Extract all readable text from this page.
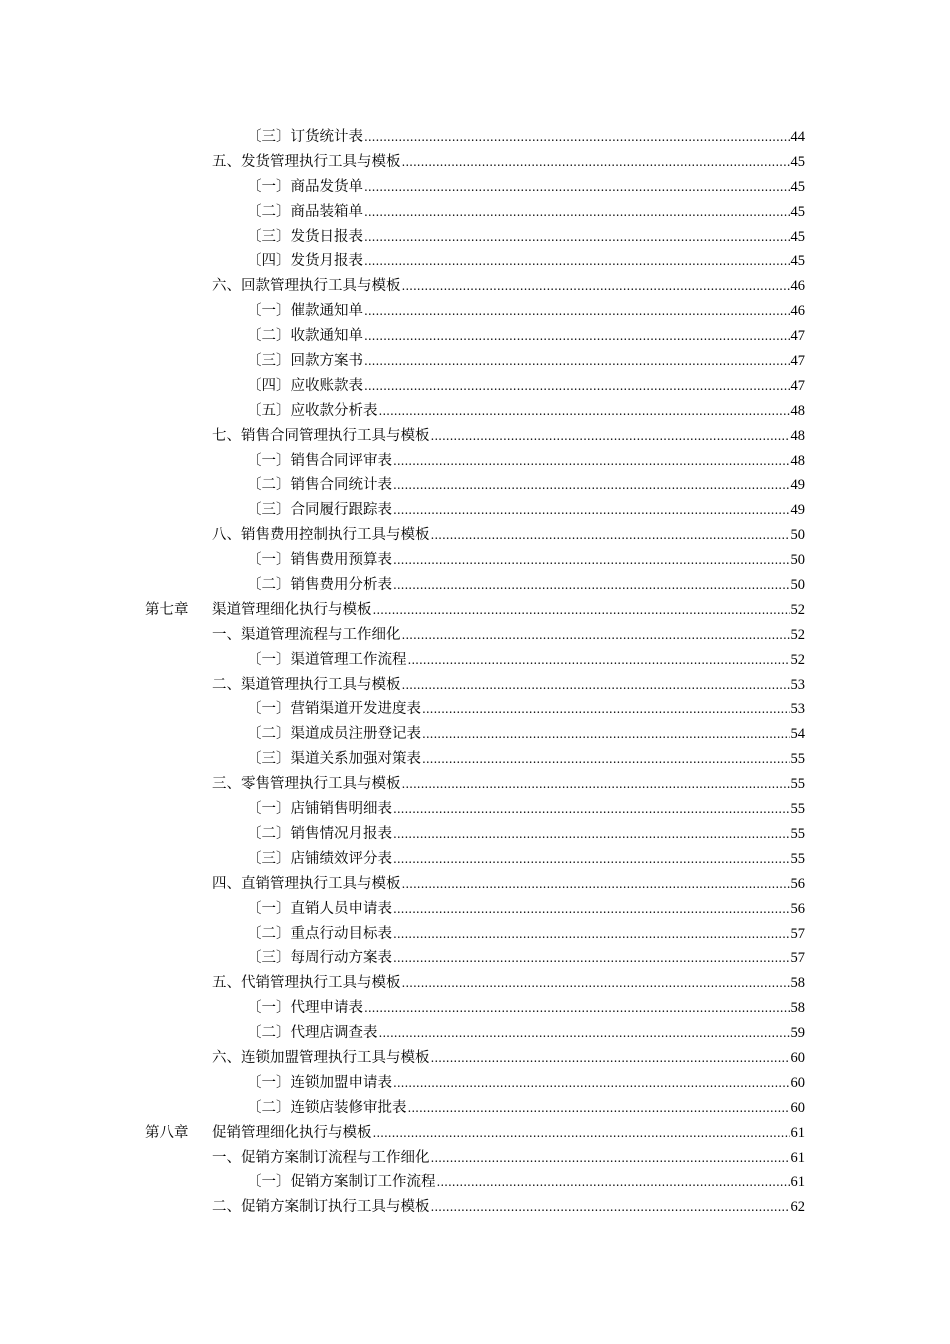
〔三〕订货统计表 .....	44
五、发货管理执行工具与模板 .....	45
〔一〕商品发货单 .....	45
〔二〕商品装箱单 .....	45
〔三〕发货日报表 .....	45
〔四〕发货月报表 .....	45
六、回款管理执行工具与模板 .....	46
〔一〕催款通知单 .....	46
〔二〕收款通知单 .....	47
〔三〕回款方案书 .....	47
〔四〕应收账款表 .....	47
〔五〕应收款分析表 .....	48
七、销售合同管理执行工具与模板 .....	48
〔一〕销售合同评审表 .....	48
〔二〕销售合同统计表 .....	49
〔三〕合同履行跟踪表 .....	49
八、销售费用控制执行工具与模板 .....	50
〔一〕销售费用预算表 .....	50
〔二〕销售费用分析表 .....	50
第七章 渠道管理细化执行与模板 .....	52
一、渠道管理流程与工作细化 .....	52
〔一〕渠道管理工作流程 .....	52
二、渠道管理执行工具与模板 .....	53
〔一〕营销渠道开发进度表 .....	53
〔二〕渠道成员注册登记表 .....	54
〔三〕渠道关系加强对策表 .....	55
三、零售管理执行工具与模板 .....	55
〔一〕店铺销售明细表 .....	55
〔二〕销售情况月报表 .....	55
〔三〕店铺绩效评分表 .....	55
四、直销管理执行工具与模板 .....	56
〔一〕直销人员申请表 .....	56
〔二〕重点行动目标表 .....	57
〔三〕每周行动方案表 .....	57
五、代销管理执行工具与模板 .....	58
〔一〕代理申请表 .....	58
〔二〕代理店调查表 .....	59
六、连锁加盟管理执行工具与模板 .....	60
〔一〕连锁加盟申请表 .....	60
〔二〕连锁店装修审批表 .....	60
第八章 促销管理细化执行与模板 .....	61
一、促销方案制订流程与工作细化 .....	61
〔一〕促销方案制订工作流程 .....	61
二、促销方案制订执行工具与模板 .....	62
